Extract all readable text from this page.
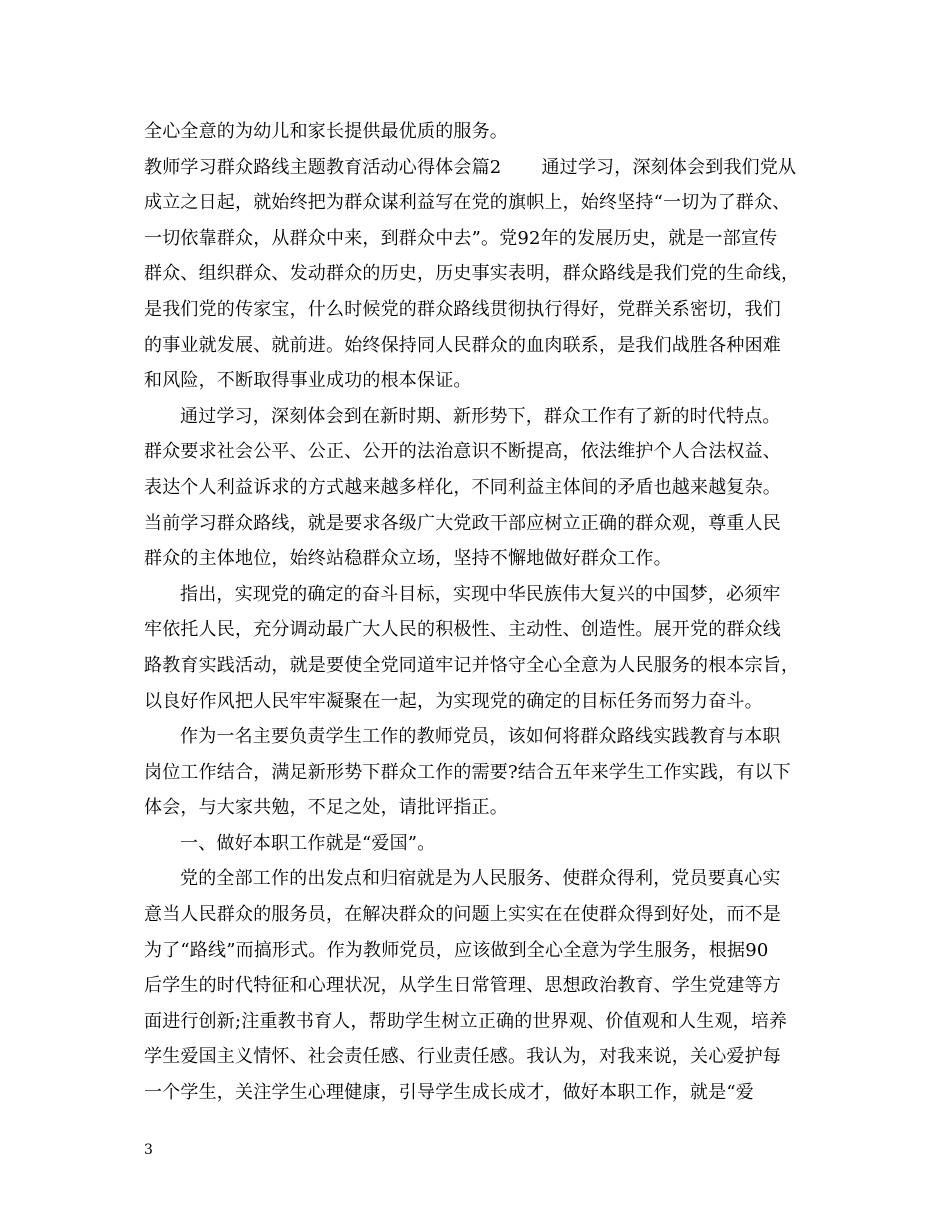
全心全意的为幼儿和家长提供最优质的服务。
教师学习群众路线主题教育活动心得体会篇2 通过学习，深刻体会到我们党从
成立之日起，就始终把为群众谋利益写在党的旗帜上，始终坚持“一切为了群众、
一切依靠群众，从群众中来，到群众中去”。党92年的发展历史，就是一部宣传
群众、组织群众、发动群众的历史，历史事实表明，群众路线是我们党的生命线，
是我们党的传家宝，什么时候党的群众路线贯彻执行得好，党群关系密切，我们
的事业就发展、就前进。始终保持同人民群众的血肉联系，是我们战胜各种困难
和风险，不断取得事业成功的根本保证。
通过学习，深刻体会到在新时期、新形势下，群众工作有了新的时代特点。
群众要求社会公平、公正、公开的法治意识不断提高，依法维护个人合法权益、
表达个人利益诉求的方式越来越多样化，不同利益主体间的矛盾也越来越复杂。
当前学习群众路线，就是要求各级广大党政干部应树立正确的群众观，尊重人民
群众的主体地位，始终站稳群众立场，坚持不懈地做好群众工作。
指出，实现党的确定的奋斗目标，实现中华民族伟大复兴的中国梦，必须牢
牢依托人民，充分调动最广大人民的积极性、主动性、创造性。展开党的群众线
路教育实践活动，就是要使全党同道牢记并恪守全心全意为人民服务的根本宗旨，
以良好作风把人民牢牢凝聚在一起，为实现党的确定的目标任务而努力奋斗。
作为一名主要负责学生工作的教师党员，该如何将群众路线实践教育与本职
岗位工作结合，满足新形势下群众工作的需要?结合五年来学生工作实践，有以下
体会，与大家共勉，不足之处，请批评指正。
一、做好本职工作就是“爱国”。
党的全部工作的出发点和归宿就是为人民服务、使群众得利，党员要真心实
意当人民群众的服务员，在解决群众的问题上实实在在使群众得到好处，而不是
为了“路线”而搞形式。作为教师党员，应该做到全心全意为学生服务，根据90
后学生的时代特征和心理状况，从学生日常管理、思想政治教育、学生党建等方
面进行创新;注重教书育人，帮助学生树立正确的世界观、价值观和人生观，培养
学生爱国主义情怀、社会责任感、行业责任感。我认为，对我来说，关心爱护每
一个学生，关注学生心理健康，引导学生成长成才，做好本职工作，就是“爱
3
